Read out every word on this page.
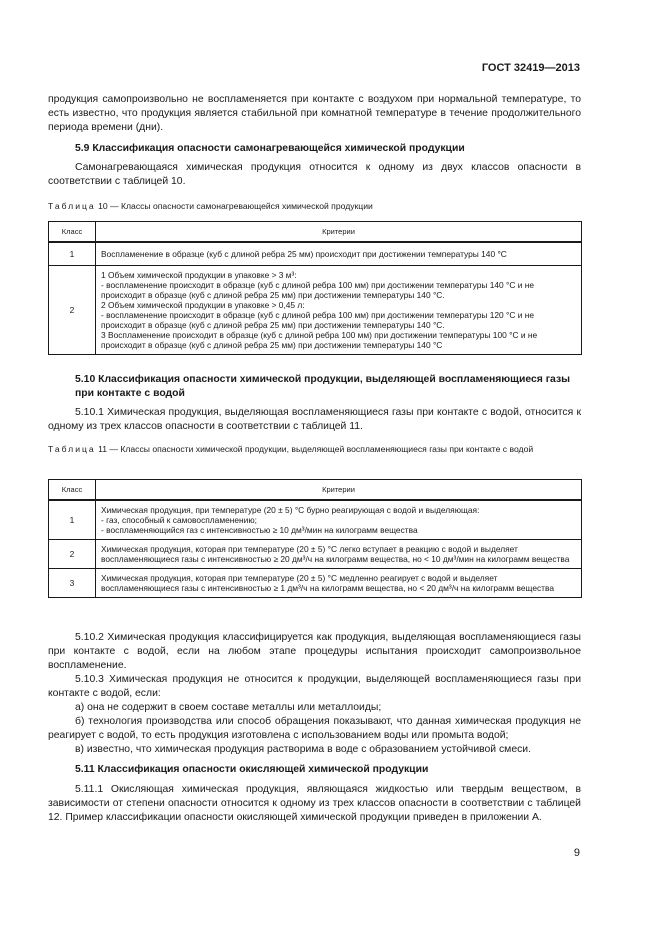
ГОСТ 32419—2013
продукция самопроизвольно не воспламеняется при контакте с воздухом при нормальной температуре, то есть известно, что продукция является стабильной при комнатной температуре в течение продолжительного периода времени (дни).
5.9 Классификация опасности самонагревающейся химической продукции
Самонагревающаяся химическая продукция относится к одному из двух классов опасности в соответствии с таблицей 10.
Таблица 10 — Классы опасности самонагревающейся химической продукции
Класс	Критерии
1	Воспламенение в образце (куб с длиной ребра 25 мм) происходит при достижении температуры 140 °С

2	1 Объем химической продукции в упаковке > 3 м³:
- воспламенение происходит в образце (куб с длиной ребра 100 мм) при достижении температуры 140 °С и не происходит в образце (куб с длиной ребра 25 мм) при достижении температуры 140 °С.
2 Объем химической продукции в упаковке > 0,45 л:
- воспламенение происходит в образце (куб с длиной ребра 100 мм) при достижении температуры 120 °С и не происходит в образце (куб с длиной ребра 25 мм) при достижении температуры 140 °С.
3 Воспламенение происходит в образце (куб с длиной ребра 100 мм) при достижении температуры 100 °С и не происходит в образце (куб с длиной ребра 25 мм) при достижении температуры 140 °С
5.10 Классификация опасности химической продукции, выделяющей воспламеняющиеся газы при контакте с водой
5.10.1 Химическая продукция, выделяющая воспламеняющиеся газы при контакте с водой, относится к одному из трех классов опасности в соответствии с таблицей 11.
Таблица 11 — Классы опасности химической продукции, выделяющей воспламеняющиеся газы при контакте с водой
Класс	Критерии
1	Химическая продукция, при температуре (20 ± 5) °С бурно реагирующая с водой и выделяющая:
- газ, способный к самовоспламенению;
- воспламеняющийся газ с интенсивностью ≥ 10 дм³/мин на килограмм вещества

2	Химическая продукция, которая при температуре (20 ± 5) °С легко вступает в реакцию с водой и выделяет воспламеняющиеся газы с интенсивностью ≥ 20 дм³/ч на килограмм вещества, но < 10 дм³/мин на килограмм вещества

3	Химическая продукция, которая при температуре (20 ± 5) °С медленно реагирует с водой и выделяет воспламеняющиеся газы с интенсивностью ≥ 1 дм³/ч на килограмм вещества, но < 20 дм³/ч на килограмм вещества
5.10.2 Химическая продукция классифицируется как продукция, выделяющая воспламеняющиеся газы при контакте с водой, если на любом этапе процедуры испытания происходит самопроизвольное воспламенение.
5.10.3 Химическая продукция не относится к продукции, выделяющей воспламеняющиеся газы при контакте с водой, если:
а) она не содержит в своем составе металлы или металлоиды;
б) технология производства или способ обращения показывают, что данная химическая продукция не реагирует с водой, то есть продукция изготовлена с использованием воды или промыта водой;
в) известно, что химическая продукция растворима в воде с образованием устойчивой смеси.
5.11 Классификация опасности окисляющей химической продукции
5.11.1 Окисляющая химическая продукция, являющаяся жидкостью или твердым веществом, в зависимости от степени опасности относится к одному из трех классов опасности в соответствии с таблицей 12. Пример классификации опасности окисляющей химической продукции приведен в приложении А.
9
